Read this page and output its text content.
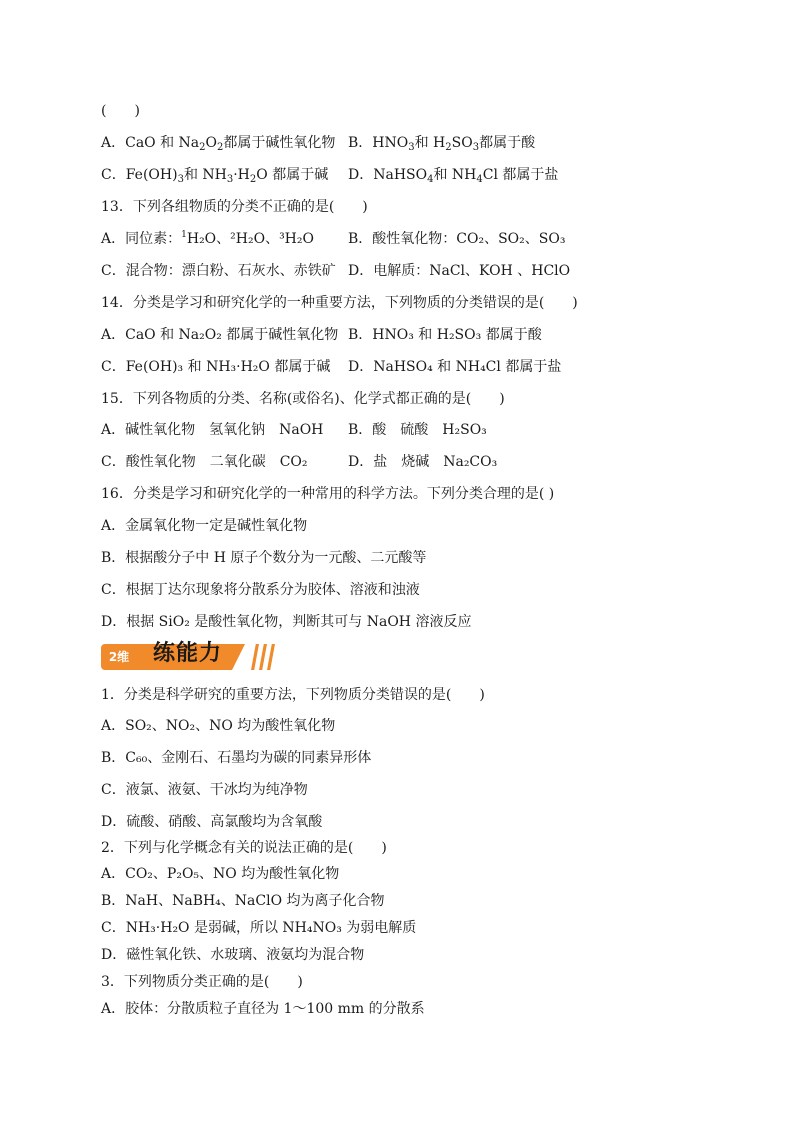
(　　)
A．CaO 和 $Na_2O_2$都属于碱性氧化物 B．$HNO_3$和 $H_2SO_3$都属于酸
C．$Fe(OH)_3$和 $NH_3\cdot H_2O$ 都属于碱 D．NaHSO$_4$和 $NH_4Cl$ 都属于盐
13．下列各组物质的分类不正确的是(　　)
A．同位素：$^1$H₂O、²H₂O、³H₂O B．酸性氧化物：CO₂、SO₂、SO₃
C．混合物：漂白粉、石灰水、赤铁矿 D．电解质：NaCl、KOH 、HClO
14．分类是学习和研究化学的一种重要方法，下列物质的分类错误的是(　　)
A．CaO 和 Na₂O₂ 都属于碱性氧化物 B．HNO₃ 和 H₂SO₃ 都属于酸
C．Fe(OH)₃ 和 NH₃·H₂O 都属于碱 D．NaHSO₄ 和 NH₄Cl 都属于盐
15．下列各物质的分类、名称(或俗名)、化学式都正确的是(　　)
A．碱性氧化物　氢氧化钠　NaOH B．酸　硫酸　H₂SO₃
C．酸性氧化物　二氧化碳　CO₂	D．盐　烧碱　Na₂CO₃
16．分类是学习和研究化学的一种常用的科学方法。下列分类合理的是( )
A．金属氧化物一定是碱性氧化物
B．根据酸分子中 H 原子个数分为一元酸、二元酸等
C．根据丁达尔现象将分散系分为胶体、溶液和浊液
D．根据 SiO₂ 是酸性氧化物，判断其可与 NaOH 溶液反应
2维	练能力
1．分类是科学研究的重要方法，下列物质分类错误的是(　　)
A．SO₂、NO₂、NO 均为酸性氧化物
B．C₆₀、金刚石、石墨均为碳的同素异形体
C．液氯、液氨、干冰均为纯净物
D．硫酸、硝酸、高氯酸均为含氧酸
2．下列与化学概念有关的说法正确的是(　　)
A．CO₂、P₂O₅、NO 均为酸性氧化物
B．NaH、NaBH₄、NaClO 均为离子化合物
C．NH₃·H₂O 是弱碱，所以 NH₄NO₃ 为弱电解质
D．磁性氧化铁、水玻璃、液氨均为混合物
3．下列物质分类正确的是(　　)
A．胶体：分散质粒子直径为 1～100 mm 的分散系
